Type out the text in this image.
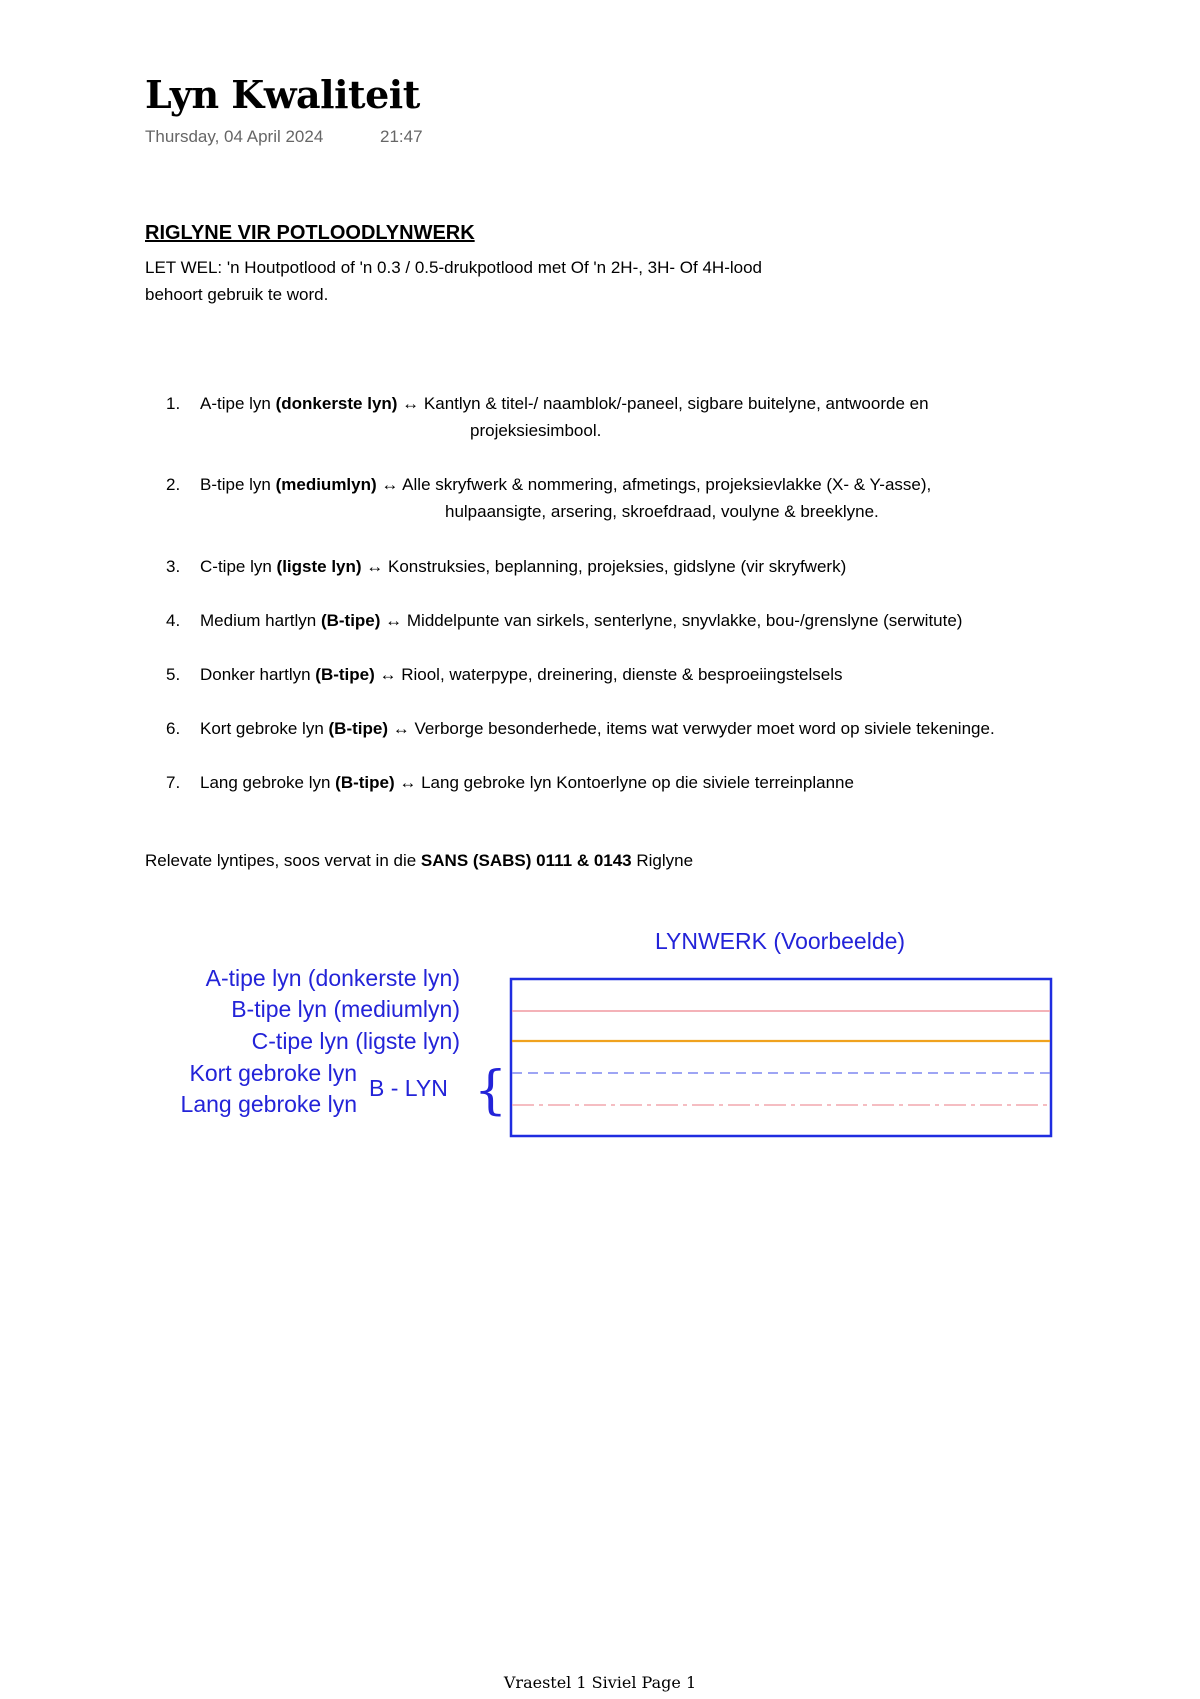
Lyn Kwaliteit
Thursday, 04 April 2024	21:47
RIGLYNE VIR POTLOODLYNWERK
LET WEL: 'n Houtpotlood of 'n 0.3 / 0.5-drukpotlood met Of 'n 2H-, 3H- Of 4H-lood
behoort gebruik te word.
1. A-tipe lyn (donkerste lyn) ↔ Kantlyn & titel-/ naamblok/-paneel, sigbare buitelyne, antwoorde en
projeksiesimbool.
2. B-tipe lyn (mediumlyn) ↔ Alle skryfwerk & nommering, afmetings, projeksievlakke (X- & Y-asse),
hulpaansigte, arsering, skroefdraad, voulyne & breeklyne.
3. C-tipe lyn (ligste lyn) ↔ Konstruksies, beplanning, projeksies, gidslyne (vir skryfwerk)
4. Medium hartlyn (B-tipe) ↔ Middelpunte van sirkels, senterlyne, snyvlakke, bou-/grenslyne (serwitute)
5. Donker hartlyn (B-tipe) ↔ Riool, waterpype, dreinering, dienste & besproeiingstelsels
6. Kort gebroke lyn (B-tipe) ↔ Verborge besonderhede, items wat verwyder moet word op siviele tekeninge.
7. Lang gebroke lyn (B-tipe) ↔ Lang gebroke lyn Kontoerlyne op die siviele terreinplanne
Relevate lyntipes, soos vervat in die SANS (SABS) 0111 & 0143 Riglyne
LYNWERK (Voorbeelde)
A-tipe lyn (donkerste lyn)
B-tipe lyn (mediumlyn)
C-tipe lyn (ligste lyn)
Kort gebroke lyn
Lang gebroke lyn
B - LYN {
Vraestel 1 Siviel Page 1
